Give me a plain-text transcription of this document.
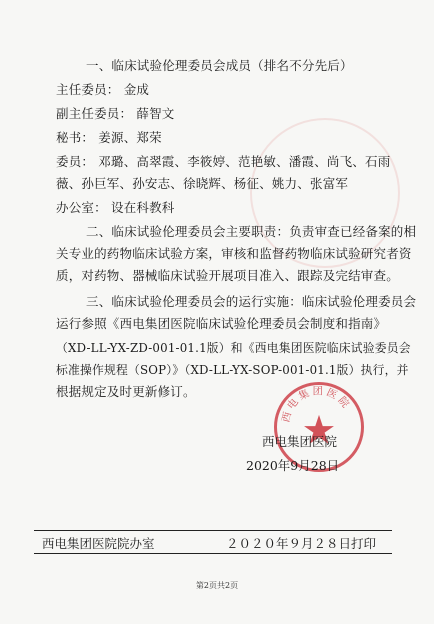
一、临床试验伦理委员会成员（排名不分先后）
主任委员： 金成
副主任委员： 薛智文
秘书： 姜源、郑荣
委员： 邓璐、高翠霞、李筱婷、范艳敏、潘霞、尚飞、石雨
薇、孙巨军、孙安志、徐晓辉、杨征、姚力、张富军
办公室： 设在科教科
二、临床试验伦理委员会主要职责：负责审查已经备案的相
关专业的药物临床试验方案，审核和监督药物临床试验研究者资
质，对药物、器械临床试验开展项目准入、跟踪及完结审查。
三、临床试验伦理委员会的运行实施：临床试验伦理委员会
运行参照《西电集团医院临床试验伦理委员会制度和指南》
（XD-LL-YX-ZD-001-01.1版）和《西电集团医院临床试验委员会
标准操作规程（SOP）》（XD-LL-YX-SOP-001-01.1版）执行，并
根据规定及时更新修订。
西电集团医院
西电集团医院
2020年9月28日
西电集团医院院办室	２０２０年９月２８日打印
第2页共2页
